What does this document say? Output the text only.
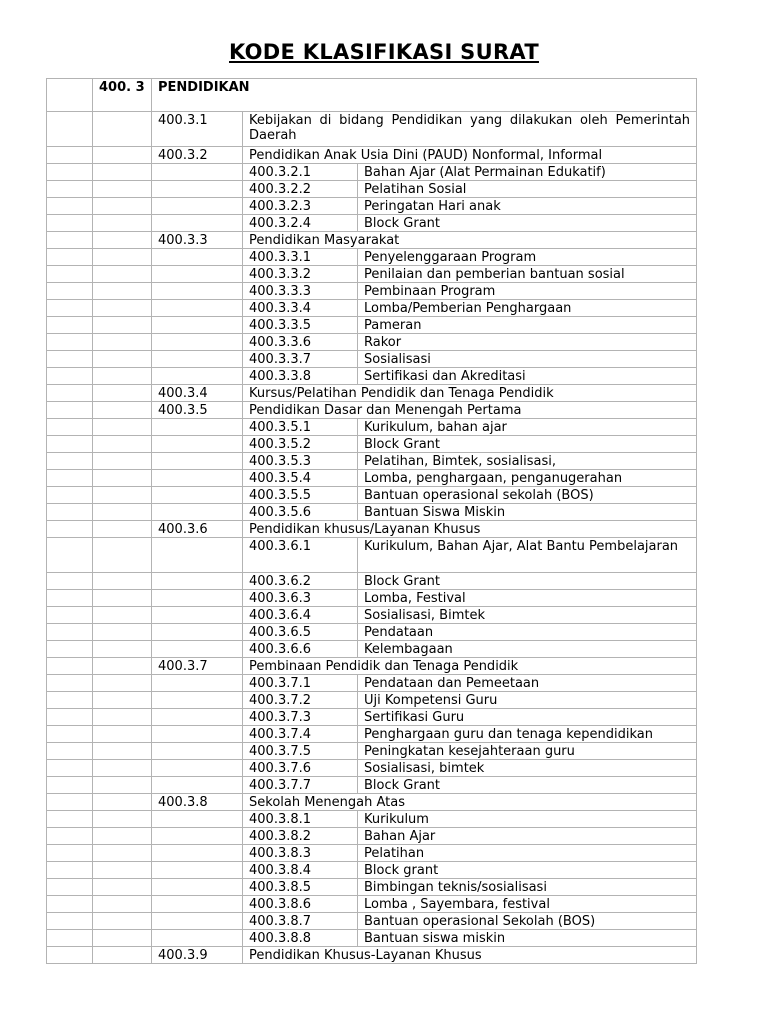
KODE KLASIFIKASI SURAT
	400. 3	PENDIDIKAN		
		400.3.1	Kebijakan di bidang Pendidikan yang dilakukan oleh Pemerintah Daerah	
		400.3.2	Pendidikan Anak Usia Dini (PAUD) Nonformal, Informal	
			400.3.2.1	Bahan Ajar (Alat Permainan Edukatif)
			400.3.2.2	Pelatihan Sosial
			400.3.2.3	Peringatan Hari anak
			400.3.2.4	Block Grant
		400.3.3	Pendidikan Masyarakat	
			400.3.3.1	Penyelenggaraan Program
			400.3.3.2	Penilaian dan pemberian bantuan sosial
			400.3.3.3	Pembinaan Program
			400.3.3.4	Lomba/Pemberian Penghargaan
			400.3.3.5	Pameran
			400.3.3.6	Rakor
			400.3.3.7	Sosialisasi
			400.3.3.8	Sertifikasi dan Akreditasi
		400.3.4	Kursus/Pelatihan Pendidik dan Tenaga Pendidik	
		400.3.5	Pendidikan Dasar dan Menengah Pertama	
			400.3.5.1	Kurikulum, bahan ajar
			400.3.5.2	Block Grant
			400.3.5.3	Pelatihan, Bimtek, sosialisasi,
			400.3.5.4	Lomba, penghargaan, penganugerahan
			400.3.5.5	Bantuan operasional sekolah (BOS)
			400.3.5.6	Bantuan Siswa Miskin
		400.3.6	Pendidikan khusus/Layanan Khusus	
			400.3.6.1	Kurikulum, Bahan Ajar, Alat Bantu Pembelajaran
			400.3.6.2	Block Grant
			400.3.6.3	Lomba, Festival
			400.3.6.4	Sosialisasi, Bimtek
			400.3.6.5	Pendataan
			400.3.6.6	Kelembagaan
		400.3.7	Pembinaan Pendidik dan Tenaga Pendidik	
			400.3.7.1	Pendataan dan Pemeetaan
			400.3.7.2	Uji Kompetensi Guru
			400.3.7.3	Sertifikasi Guru
			400.3.7.4	Penghargaan guru dan tenaga kependidikan
			400.3.7.5	Peningkatan kesejahteraan guru
			400.3.7.6	Sosialisasi, bimtek
			400.3.7.7	Block Grant
		400.3.8	Sekolah Menengah Atas	
			400.3.8.1	Kurikulum
			400.3.8.2	Bahan Ajar
			400.3.8.3	Pelatihan
			400.3.8.4	Block grant
			400.3.8.5	Bimbingan teknis/sosialisasi
			400.3.8.6	Lomba , Sayembara, festival
			400.3.8.7	Bantuan operasional Sekolah (BOS)
			400.3.8.8	Bantuan siswa miskin
		400.3.9	Pendidikan Khusus-Layanan Khusus	
